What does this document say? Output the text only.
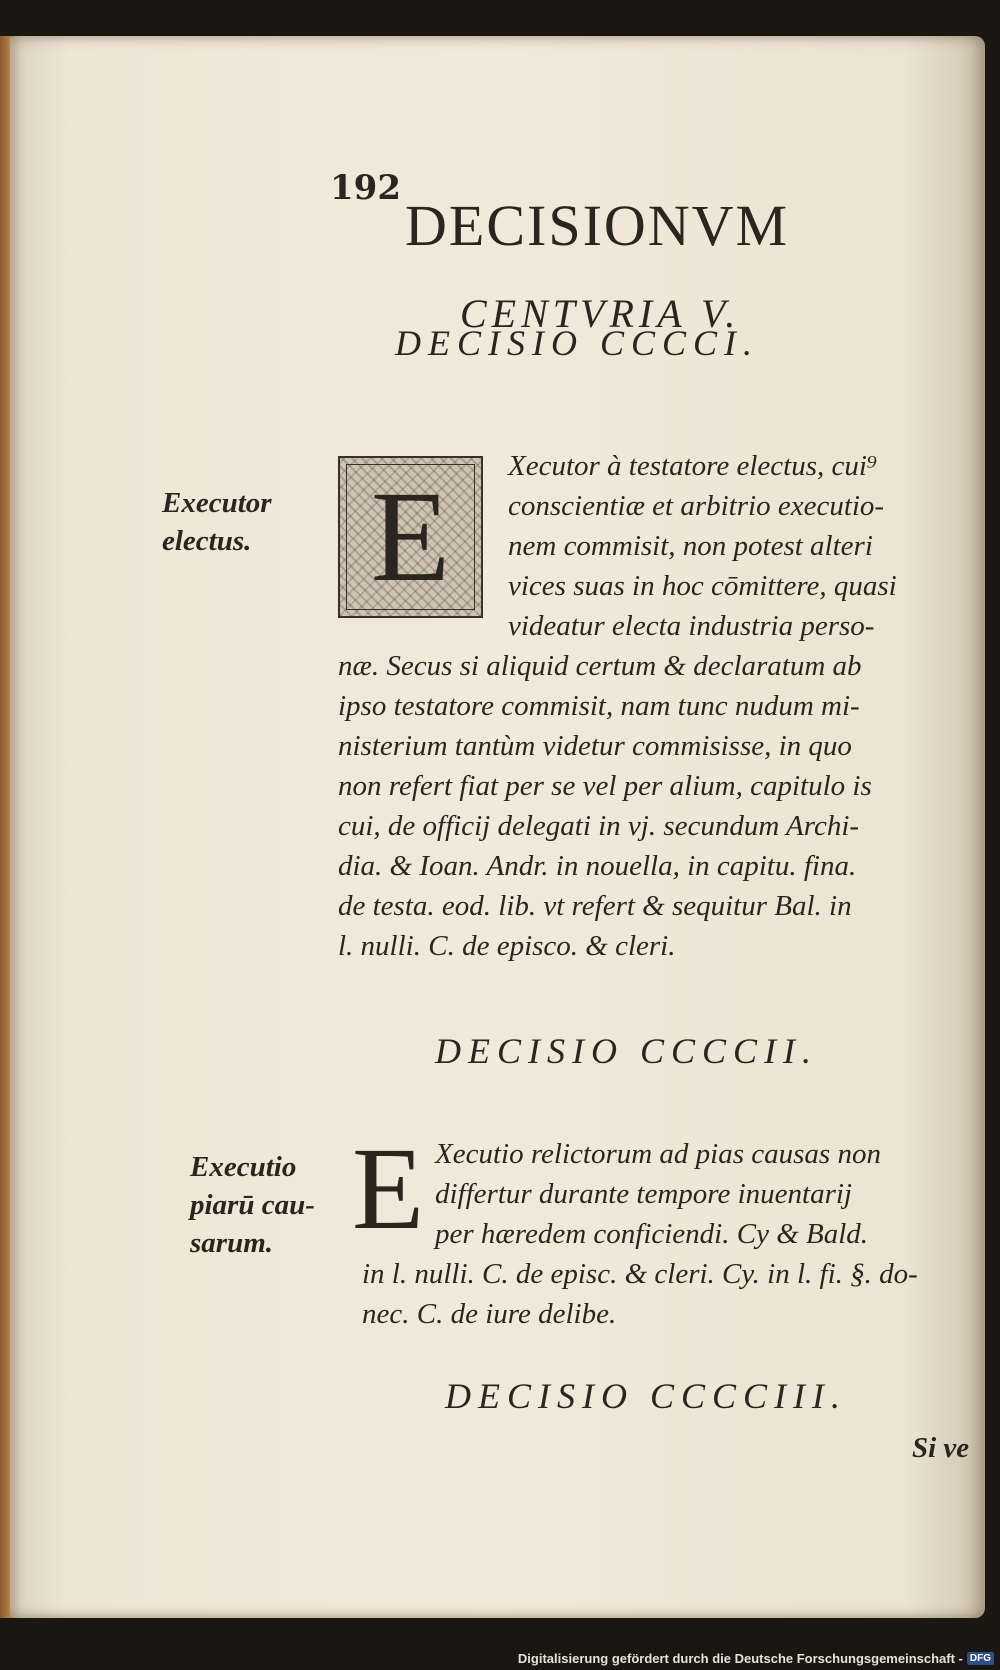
192
DECISIONVM
CENTVRIA V.
DECISIO CCCCI.
Executor
electus. E Xecutor à testatore electus, cui⁹
conscientiæ et arbitrio executio-
nem commisit, non potest alteri
vices suas in hoc cōmittere, quasi
videatur electa industria perso-
næ. Secus si aliquid certum & declaratum ab
ipso testatore commisit, nam tunc nudum mi-
nisterium tantùm videtur commisisse, in quo
non refert fiat per se vel per alium, capitulo is
cui, de officij delegati in vj. secundum Archi-
dia. & Ioan. Andr. in nouella, in capitu. fina.
de testa. eod. lib. vt refert & sequitur Bal. in
l. nulli. C. de episco. & cleri.
DECISIO CCCCII.
Executio
piarū cau-
sarum. E Xecutio relictorum ad pias causas non
differtur durante tempore inuentarij
per hæredem conficiendi. Cy & Bald.
in l. nulli. C. de episc. & cleri. Cy. in l. fi. §. do-
nec. C. de iure delibe.
DECISIO CCCCIII.
Si ve
Digitalisierung gefördert durch die Deutsche Forschungsgemeinschaft - DFG
